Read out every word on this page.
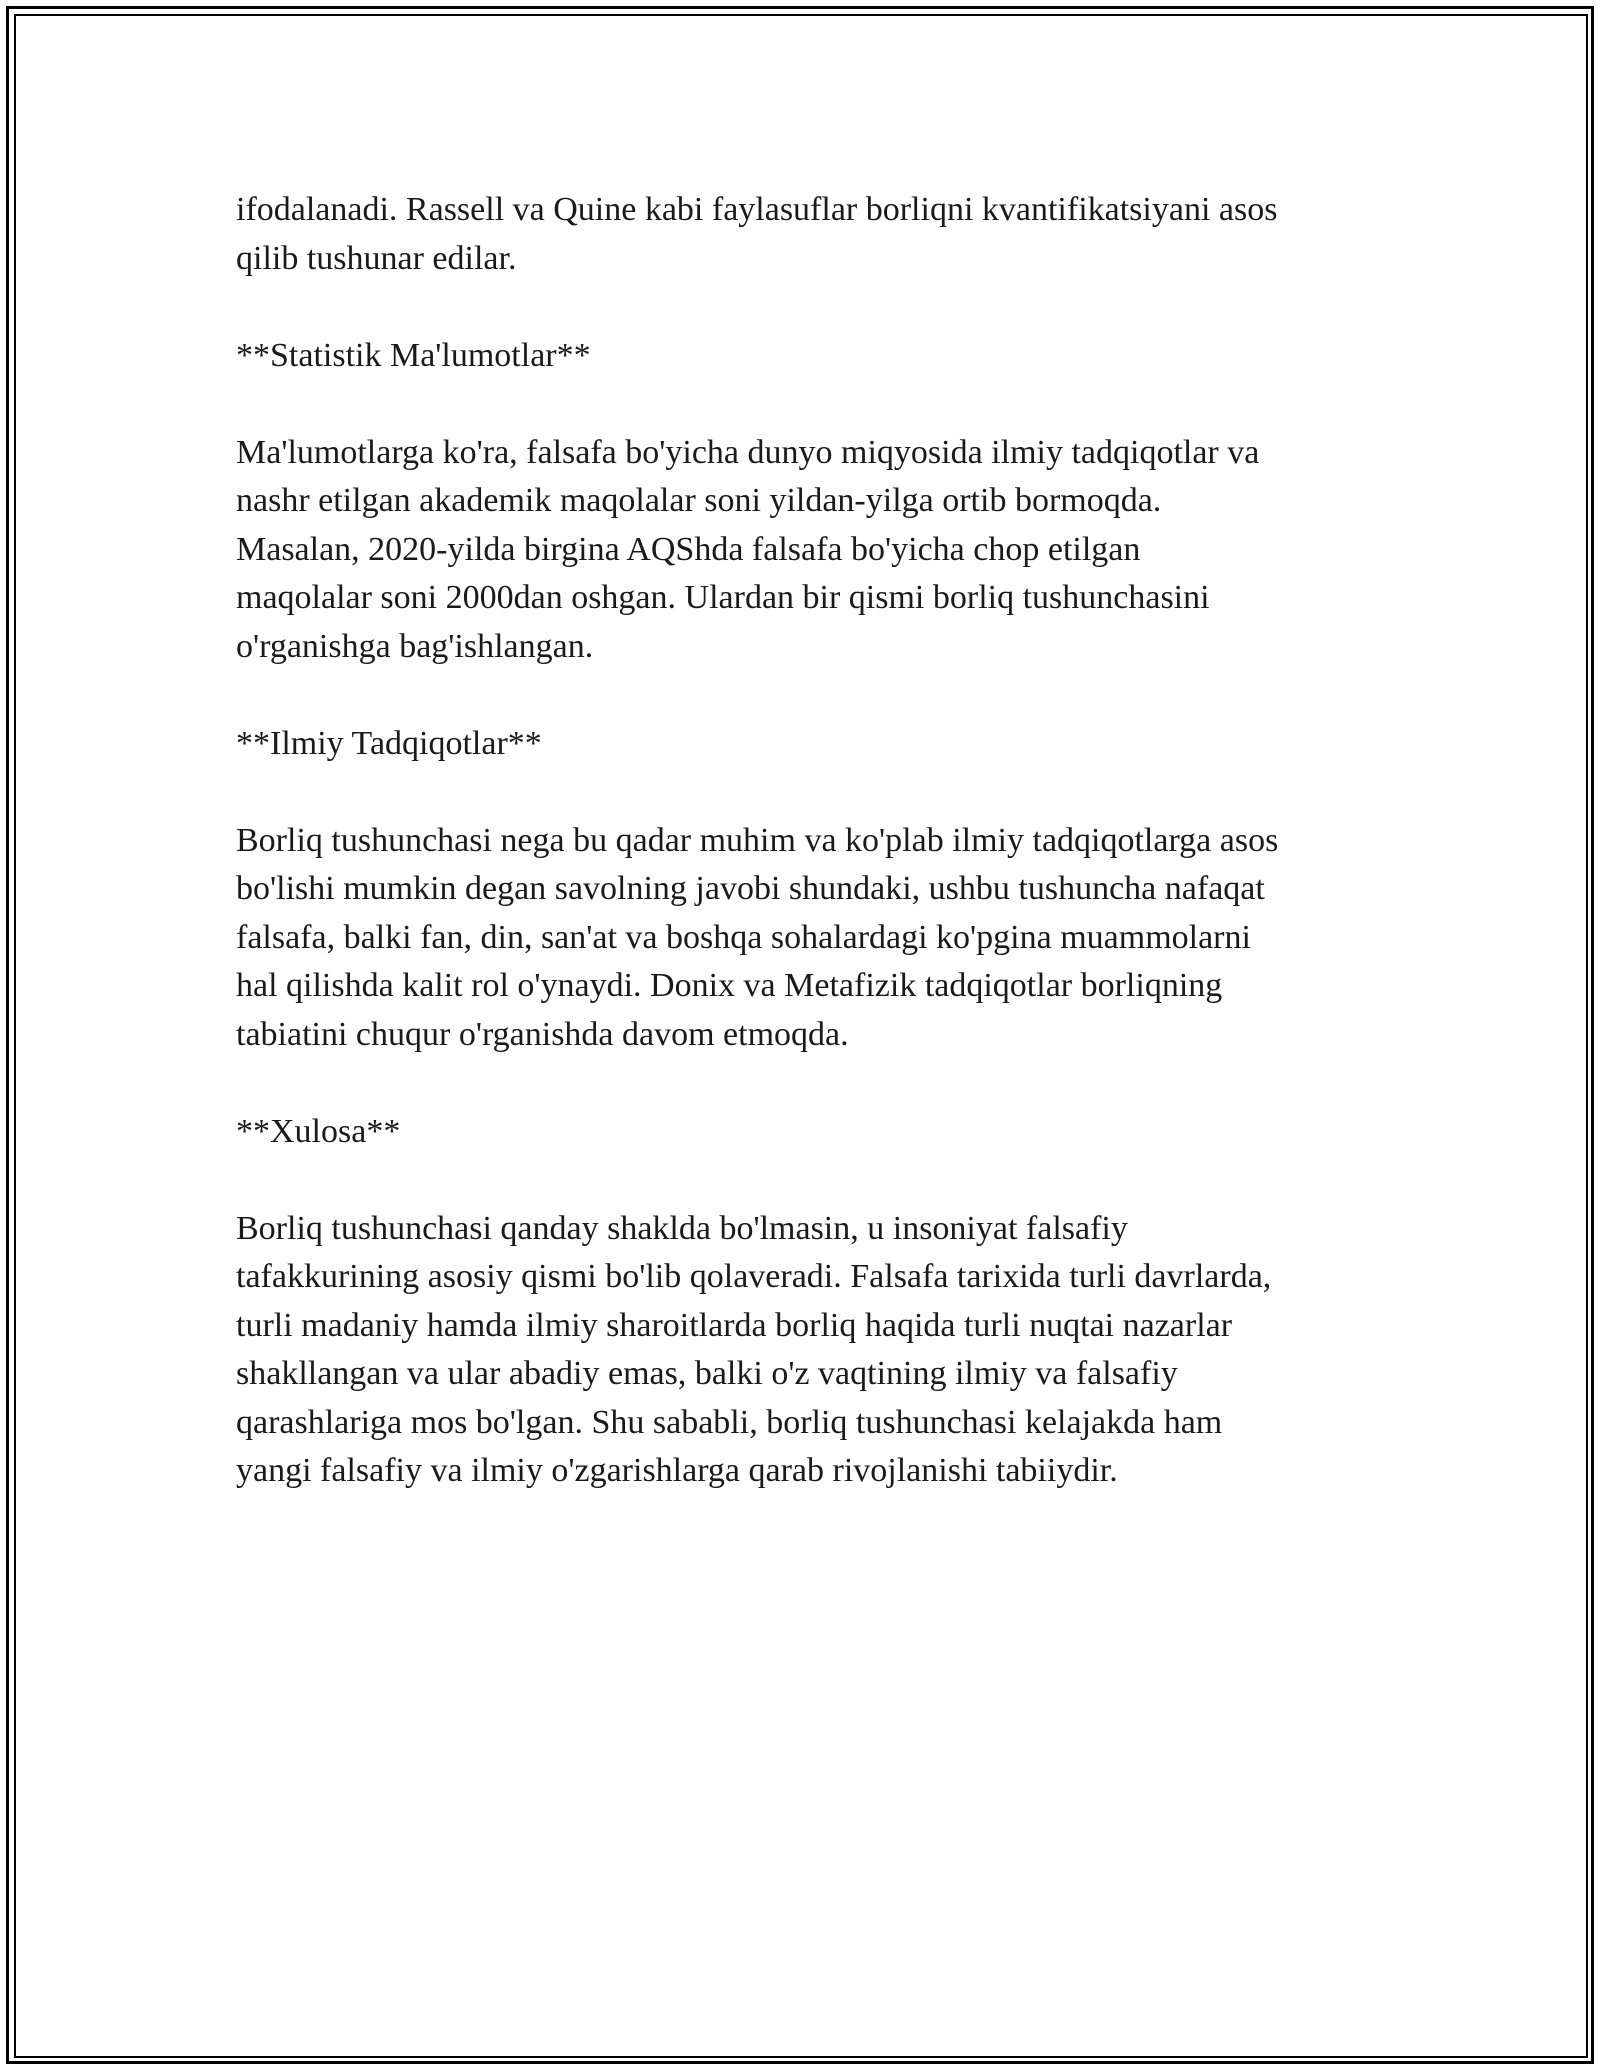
ifodalanadi. Rassell va Quine kabi faylasuflar borliqni kvantifikatsiyani asos
qilib tushunar edilar.

**Statistik Ma'lumotlar**

Ma'lumotlarga ko'ra, falsafa bo'yicha dunyo miqyosida ilmiy tadqiqotlar va
nashr etilgan akademik maqolalar soni yildan-yilga ortib bormoqda.
Masalan, 2020-yilda birgina AQShda falsafa bo'yicha chop etilgan
maqolalar soni 2000dan oshgan. Ulardan bir qismi borliq tushunchasini
o'rganishga bag'ishlangan.

**Ilmiy Tadqiqotlar**

Borliq tushunchasi nega bu qadar muhim va ko'plab ilmiy tadqiqotlarga asos
bo'lishi mumkin degan savolning javobi shundaki, ushbu tushuncha nafaqat
falsafa, balki fan, din, san'at va boshqa sohalardagi ko'pgina muammolarni
hal qilishda kalit rol o'ynaydi. Donix va Metafizik tadqiqotlar borliqning
tabiatini chuqur o'rganishda davom etmoqda.

**Xulosa**

Borliq tushunchasi qanday shaklda bo'lmasin, u insoniyat falsafiy
tafakkurining asosiy qismi bo'lib qolaveradi. Falsafa tarixida turli davrlarda,
turli madaniy hamda ilmiy sharoitlarda borliq haqida turli nuqtai nazarlar
shakllangan va ular abadiy emas, balki o'z vaqtining ilmiy va falsafiy
qarashlariga mos bo'lgan. Shu sababli, borliq tushunchasi kelajakda ham
yangi falsafiy va ilmiy o'zgarishlarga qarab rivojlanishi tabiiydir.
